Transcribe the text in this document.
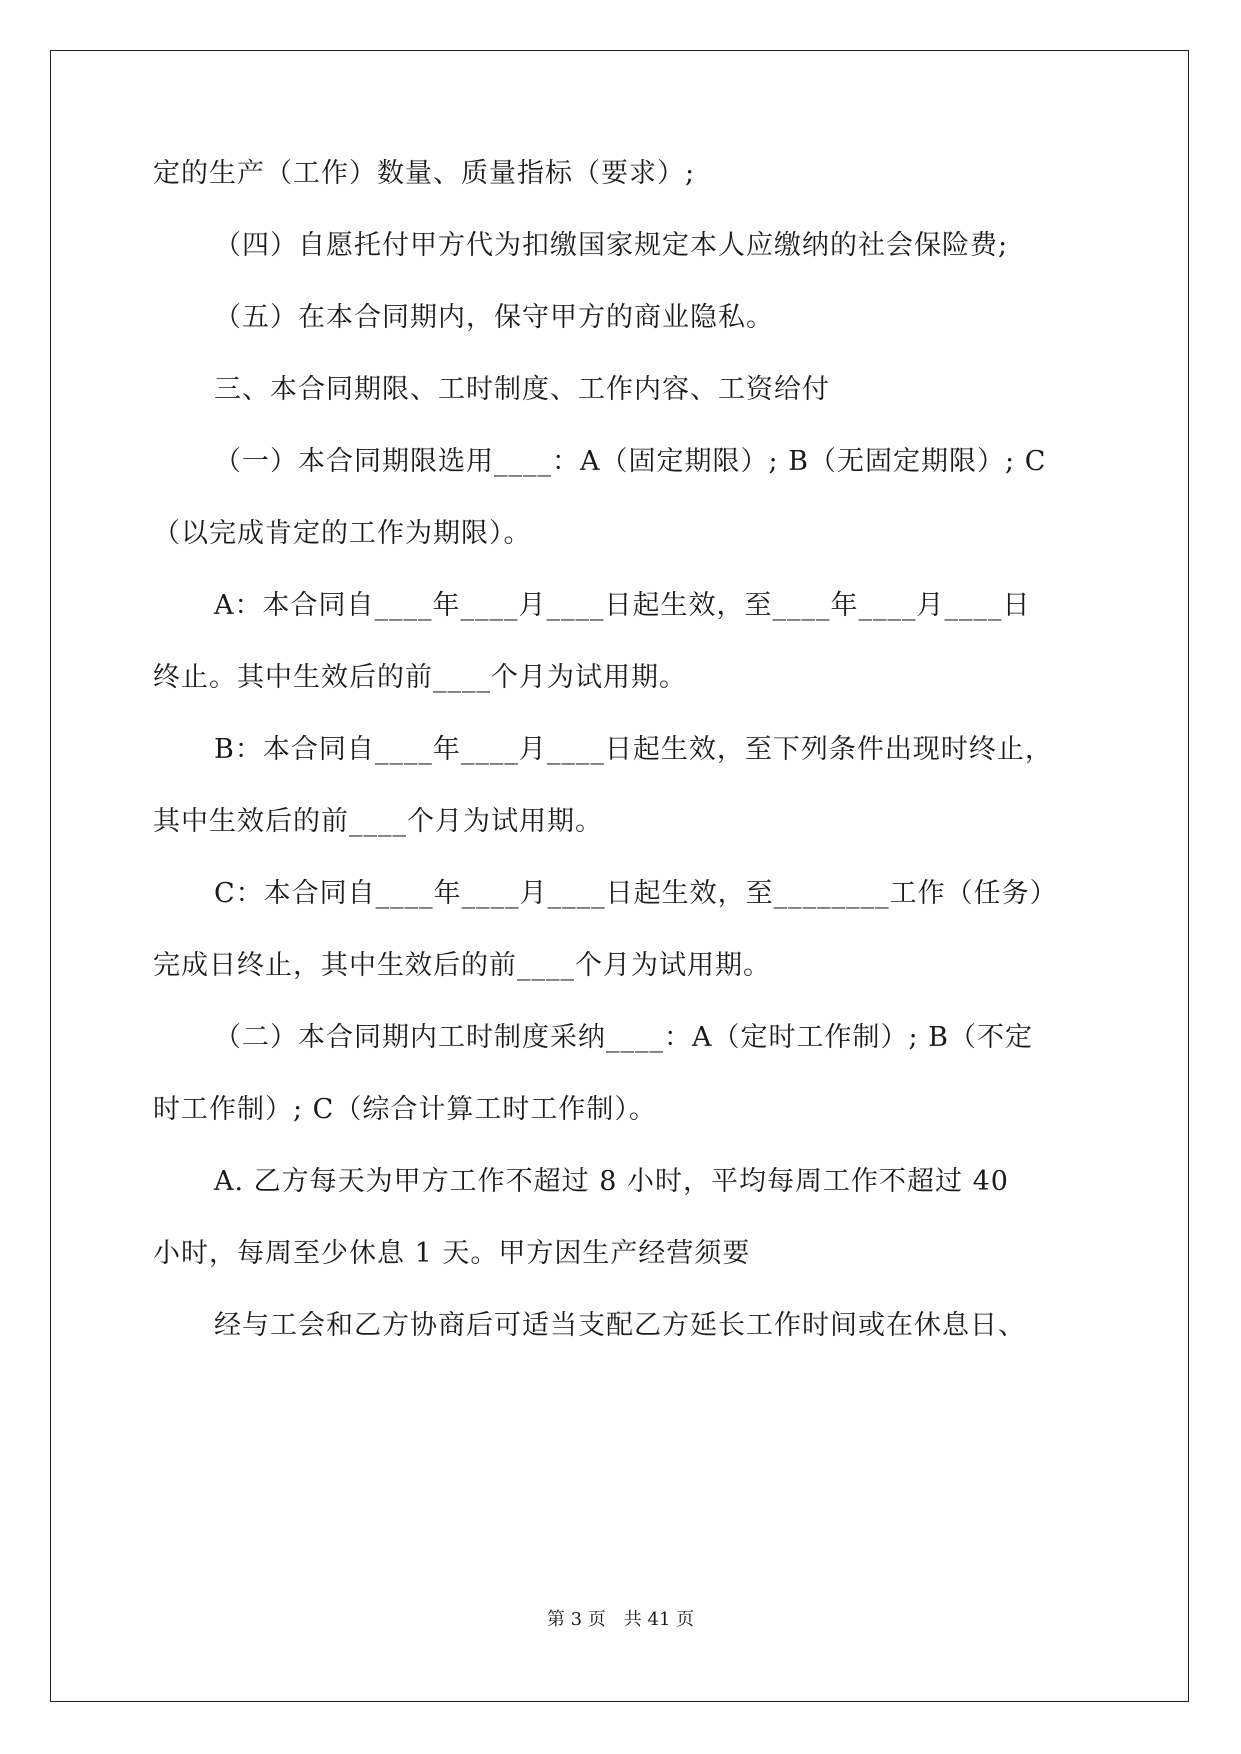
定的生产（工作）数量、质量指标（要求）;
（四）自愿托付甲方代为扣缴国家规定本人应缴纳的社会保险费;
（五）在本合同期内，保守甲方的商业隐私。
三、本合同期限、工时制度、工作内容、工资给付
（一）本合同期限选用____：A（固定期限）; B（无固定期限）; C
（以完成肯定的工作为期限）。
A：本合同自____年____月____日起生效，至____年____月____日
终止。其中生效后的前____个月为试用期。
B：本合同自____年____月____日起生效，至下列条件出现时终止，
其中生效后的前____个月为试用期。
C：本合同自____年____月____日起生效，至________工作（任务）
完成日终止，其中生效后的前____个月为试用期。
（二）本合同期内工时制度采纳____：A（定时工作制）; B（不定
时工作制）; C（综合计算工时工作制）。
A. 乙方每天为甲方工作不超过 8 小时，平均每周工作不超过 40
小时，每周至少休息 1 天。甲方因生产经营须要
经与工会和乙方协商后可适当支配乙方延长工作时间或在休息日、
第 3 页　共 41 页
